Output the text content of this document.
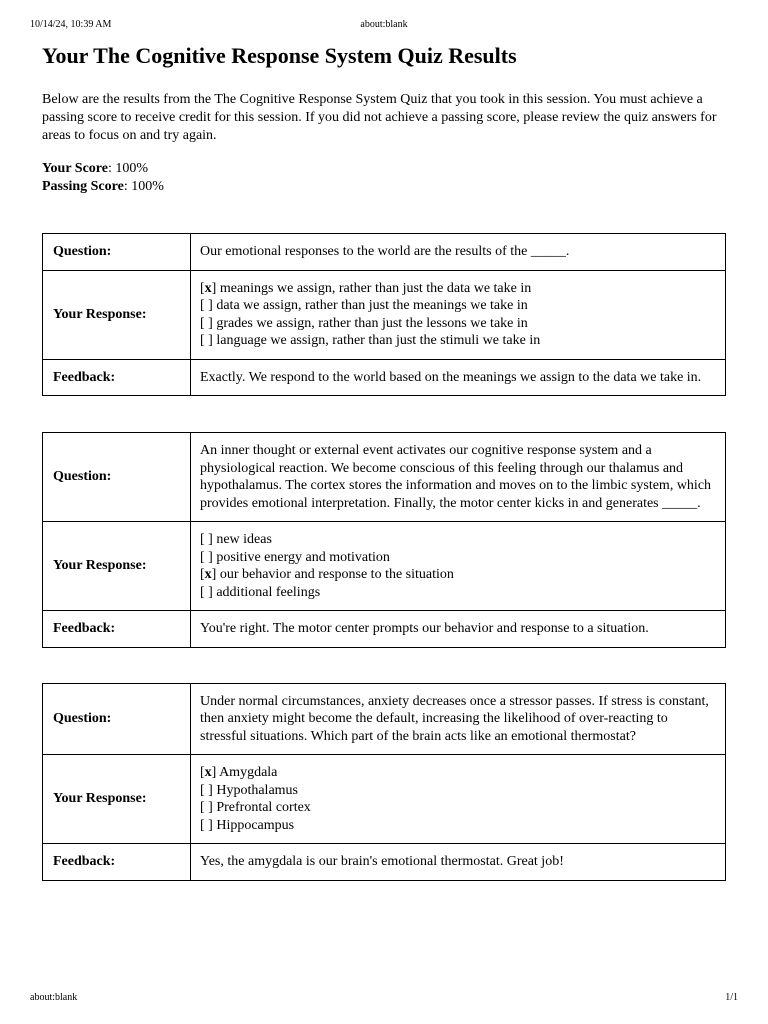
10/14/24, 10:39 AM	about:blank
Your The Cognitive Response System Quiz Results

Below are the results from the The Cognitive Response System Quiz that you took in this session. You must achieve a passing score to receive credit for this session. If you did not achieve a passing score, please review the quiz answers for areas to focus on and try again.

Your Score: 100%
Passing Score: 100%
Question:	Our emotional responses to the world are the results of the _____.
Your Response:	[x] meanings we assign, rather than just the data we take in
[ ] data we assign, rather than just the meanings we take in
[ ] grades we assign, rather than just the lessons we take in
[ ] language we assign, rather than just the stimuli we take in

Feedback:	Exactly. We respond to the world based on the meanings we assign to the data we take in.
Question:	An inner thought or external event activates our cognitive response system and a physiological reaction. We become conscious of this feeling through our thalamus and hypothalamus. The cortex stores the information and moves on to the limbic system, which provides emotional interpretation. Finally, the motor center kicks in and generates _____.
Your Response:	[ ] new ideas
[ ] positive energy and motivation
[x] our behavior and response to the situation
[ ] additional feelings

Feedback:	You're right. The motor center prompts our behavior and response to a situation.
Question:	Under normal circumstances, anxiety decreases once a stressor passes. If stress is constant, then anxiety might become the default, increasing the likelihood of over-reacting to stressful situations. Which part of the brain acts like an emotional thermostat?
Your Response:	[x] Amygdala
[ ] Hypothalamus
[ ] Prefrontal cortex
[ ] Hippocampus

Feedback:	Yes, the amygdala is our brain's emotional thermostat. Great job!
about:blank	1/1
